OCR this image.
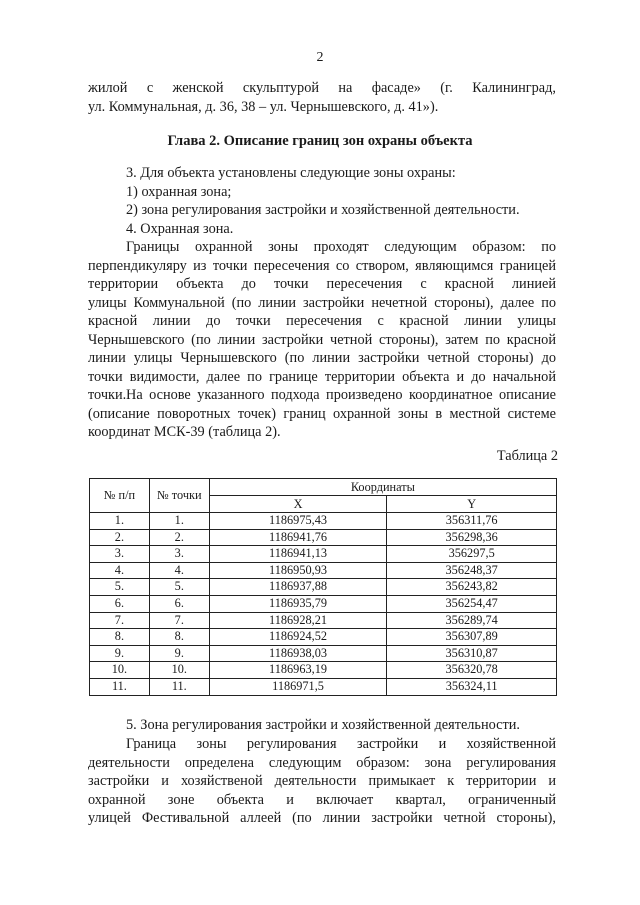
2
жилой с женской скульптурой на фасаде» (г. Калининград,
ул. Коммунальная, д. 36, 38 – ул. Чернышевского, д. 41»).
Глава 2. Описание границ зон охраны объекта
3. Для объекта установлены следующие зоны охраны:
1) охранная зона;
2) зона регулирования застройки и хозяйственной деятельности.
4. Охранная зона.
Границы охранной зоны проходят следующим образом: по
перпендикуляру из точки пересечения со створом, являющимся границей
территории объекта до точки пересечения с красной линией
улицы Коммунальной (по линии застройки нечетной стороны), далее по
красной линии до точки пересечения с красной линии улицы
Чернышевского (по линии застройки четной стороны), затем по красной
линии улицы Чернышевского (по линии застройки четной стороны) до
точки видимости, далее по границе территории объекта и до начальной
точки. На основе указанного подхода произведено координатное описание
(описание поворотных точек) границ охранной зоны в местной системе
координат МСК-39 (таблица 2).
Таблица 2
№ п/п	№ точки	Координаты	
		X	Y
1.	1.	1186975,43	356311,76
2.	2.	1186941,76	356298,36
3.	3.	1186941,13	356297,5
4.	4.	1186950,93	356248,37
5.	5.	1186937,88	356243,82
6.	6.	1186935,79	356254,47
7.	7.	1186928,21	356289,74
8.	8.	1186924,52	356307,89
9.	9.	1186938,03	356310,87
10.	10.	1186963,19	356320,78
11.	11.	1186971,5	356324,11
5. Зона регулирования застройки и хозяйственной деятельности.
Граница зоны регулирования застройки и хозяйственной
деятельности определена следующим образом: зона регулирования
застройки и хозяйственой деятельности примыкает к территории и
охранной зоне объекта и включает квартал, ограниченный
улицей Фестивальной аллеей (по линии застройки четной стороны),
